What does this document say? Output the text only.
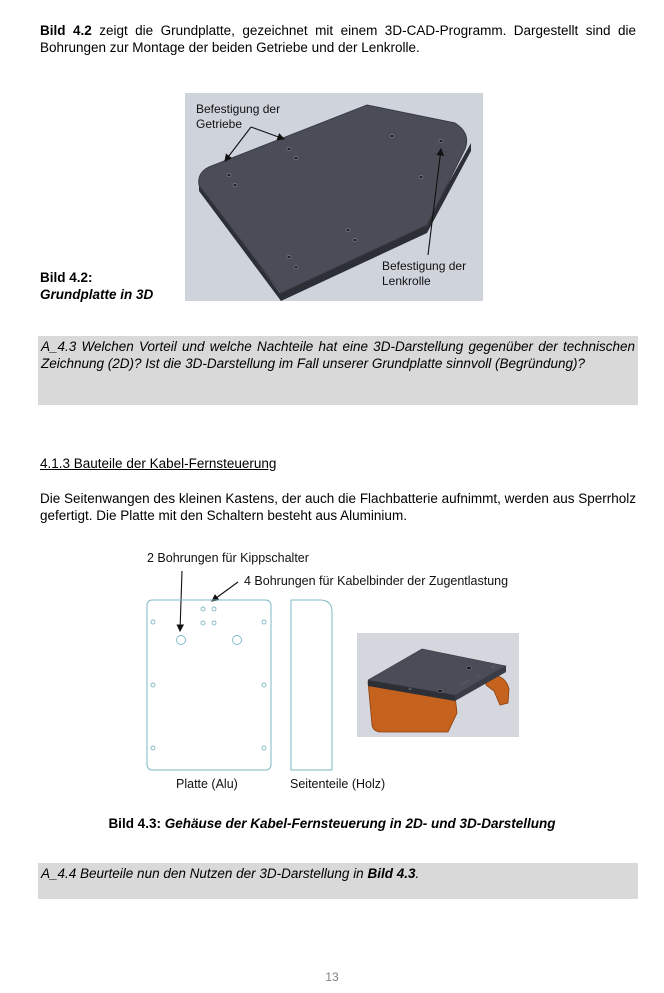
Bild 4.2 zeigt die Grundplatte, gezeichnet mit einem 3D-CAD-Programm. Dargestellt sind die Bohrungen zur Montage der beiden Getriebe und der Lenkrolle.
Bild 4.2:
Grundplatte in 3D
Befestigung der
Getriebe
Befestigung der
Lenkrolle
A_4.3 Welchen Vorteil und welche Nachteile hat eine 3D-Darstellung gegenüber der technischen Zeichnung (2D)? Ist die 3D-Darstellung im Fall unserer Grundplatte sinnvoll (Begründung)?
4.1.3 Bauteile der Kabel-Fernsteuerung
Die Seitenwangen des kleinen Kastens, der auch die Flachbatterie aufnimmt, werden aus Sperrholz gefertigt. Die Platte mit den Schaltern besteht aus Aluminium.
2 Bohrungen für Kippschalter
4 Bohrungen für Kabelbinder der Zugentlastung
Platte (Alu)	Seitenteile (Holz)
Bild 4.3: Gehäuse der Kabel-Fernsteuerung in 2D- und 3D-Darstellung
A_4.4 Beurteile nun den Nutzen der 3D-Darstellung in Bild 4.3.
13
